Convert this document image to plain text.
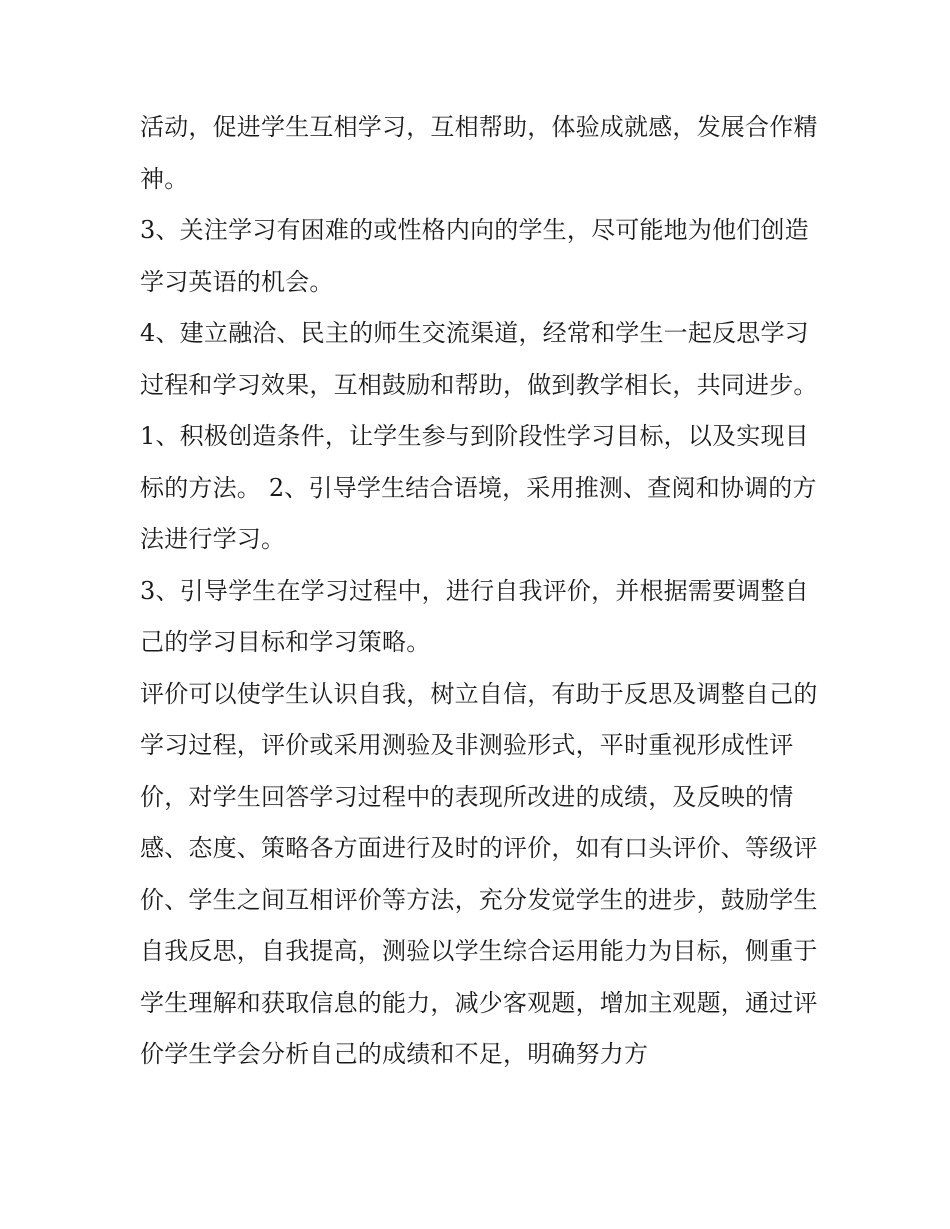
活动，促进学生互相学习，互相帮助，体验成就感，发展合作精神。

3、关注学习有困难的或性格内向的学生，尽可能地为他们创造学习英语的机会。

4、建立融洽、民主的师生交流渠道，经常和学生一起反思学习过程和学习效果，互相鼓励和帮助，做到教学相长，共同进步。

1、积极创造条件，让学生参与到阶段性学习目标，以及实现目标的方法。 2、引导学生结合语境，采用推测、查阅和协调的方法进行学习。

3、引导学生在学习过程中，进行自我评价，并根据需要调整自己的学习目标和学习策略。

评价可以使学生认识自我，树立自信，有助于反思及调整自己的学习过程，评价或采用测验及非测验形式，平时重视形成性评价，对学生回答学习过程中的表现所改进的成绩，及反映的情感、态度、策略各方面进行及时的评价，如有口头评价、等级评价、学生之间互相评价等方法，充分发觉学生的进步，鼓励学生自我反思，自我提高，测验以学生综合运用能力为目标，侧重于学生理解和获取信息的能力，减少客观题，增加主观题，通过评价学生学会分析自己的成绩和不足，明确努力方
